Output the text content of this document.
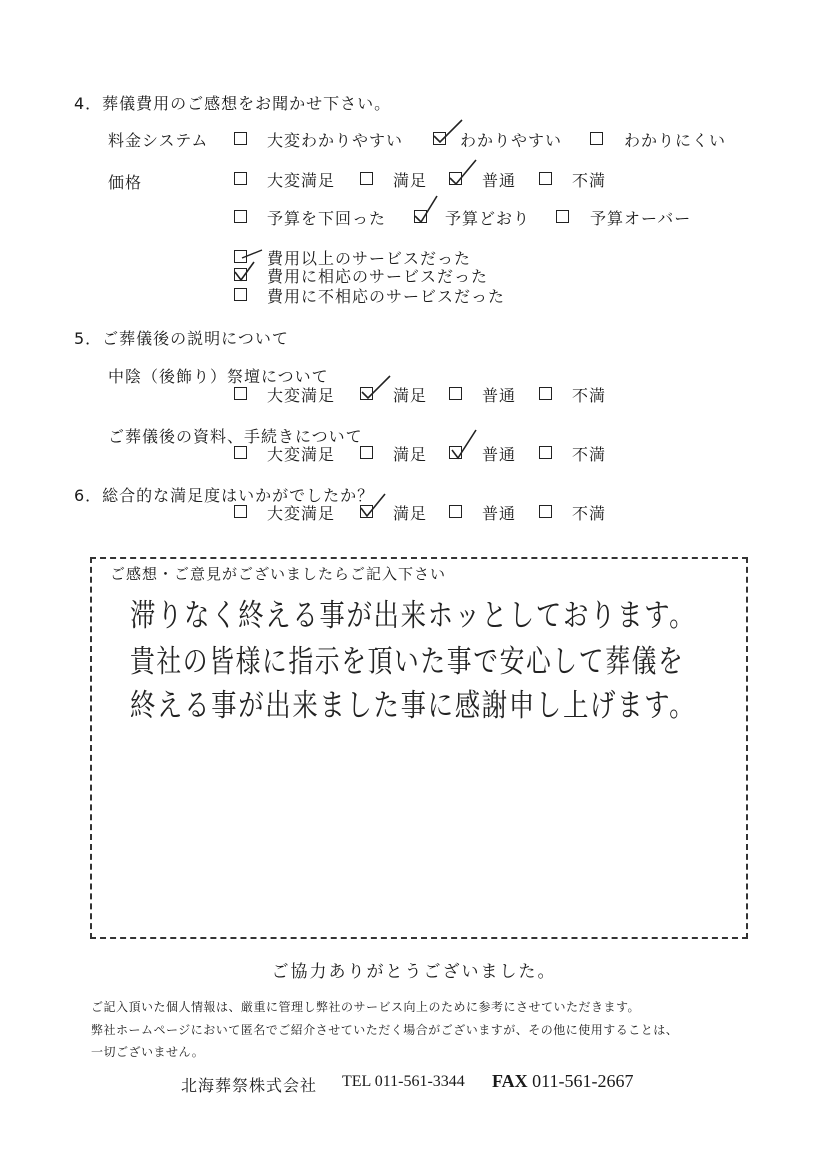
4．葬儀費用のご感想をお聞かせ下さい。
料金システム	大変わかりやすい	わかりやすい	わかりにくい
価格	大変満足	満足	普通	不満
予算を下回った	予算どおり	予算オーバー
費用以上のサービスだった
費用に相応のサービスだった
費用に不相応のサービスだった
5．ご葬儀後の説明について
中陰（後飾り）祭壇について
大変満足	満足	普通	不満
ご葬儀後の資料、手続きについて
大変満足	満足	普通	不満
6．総合的な満足度はいかがでしたか？
大変満足	満足	普通	不満
ご感想・ご意見がございましたらご記入下さい
滞りなく終える事が出来ホッとしております。
貴社の皆様に指示を頂いた事で安心して葬儀を
終える事が出来ました事に感謝申し上げます。
ご協力ありがとうございました。
ご記入頂いた個人情報は、厳重に管理し弊社のサービス向上のために参考にさせていただきます。
弊社ホームページにおいて匿名でご紹介させていただく場合がございますが、その他に使用することは、
一切ございません。
北海葬祭株式会社 TEL 011-561-3344 FAX 011-561-2667
